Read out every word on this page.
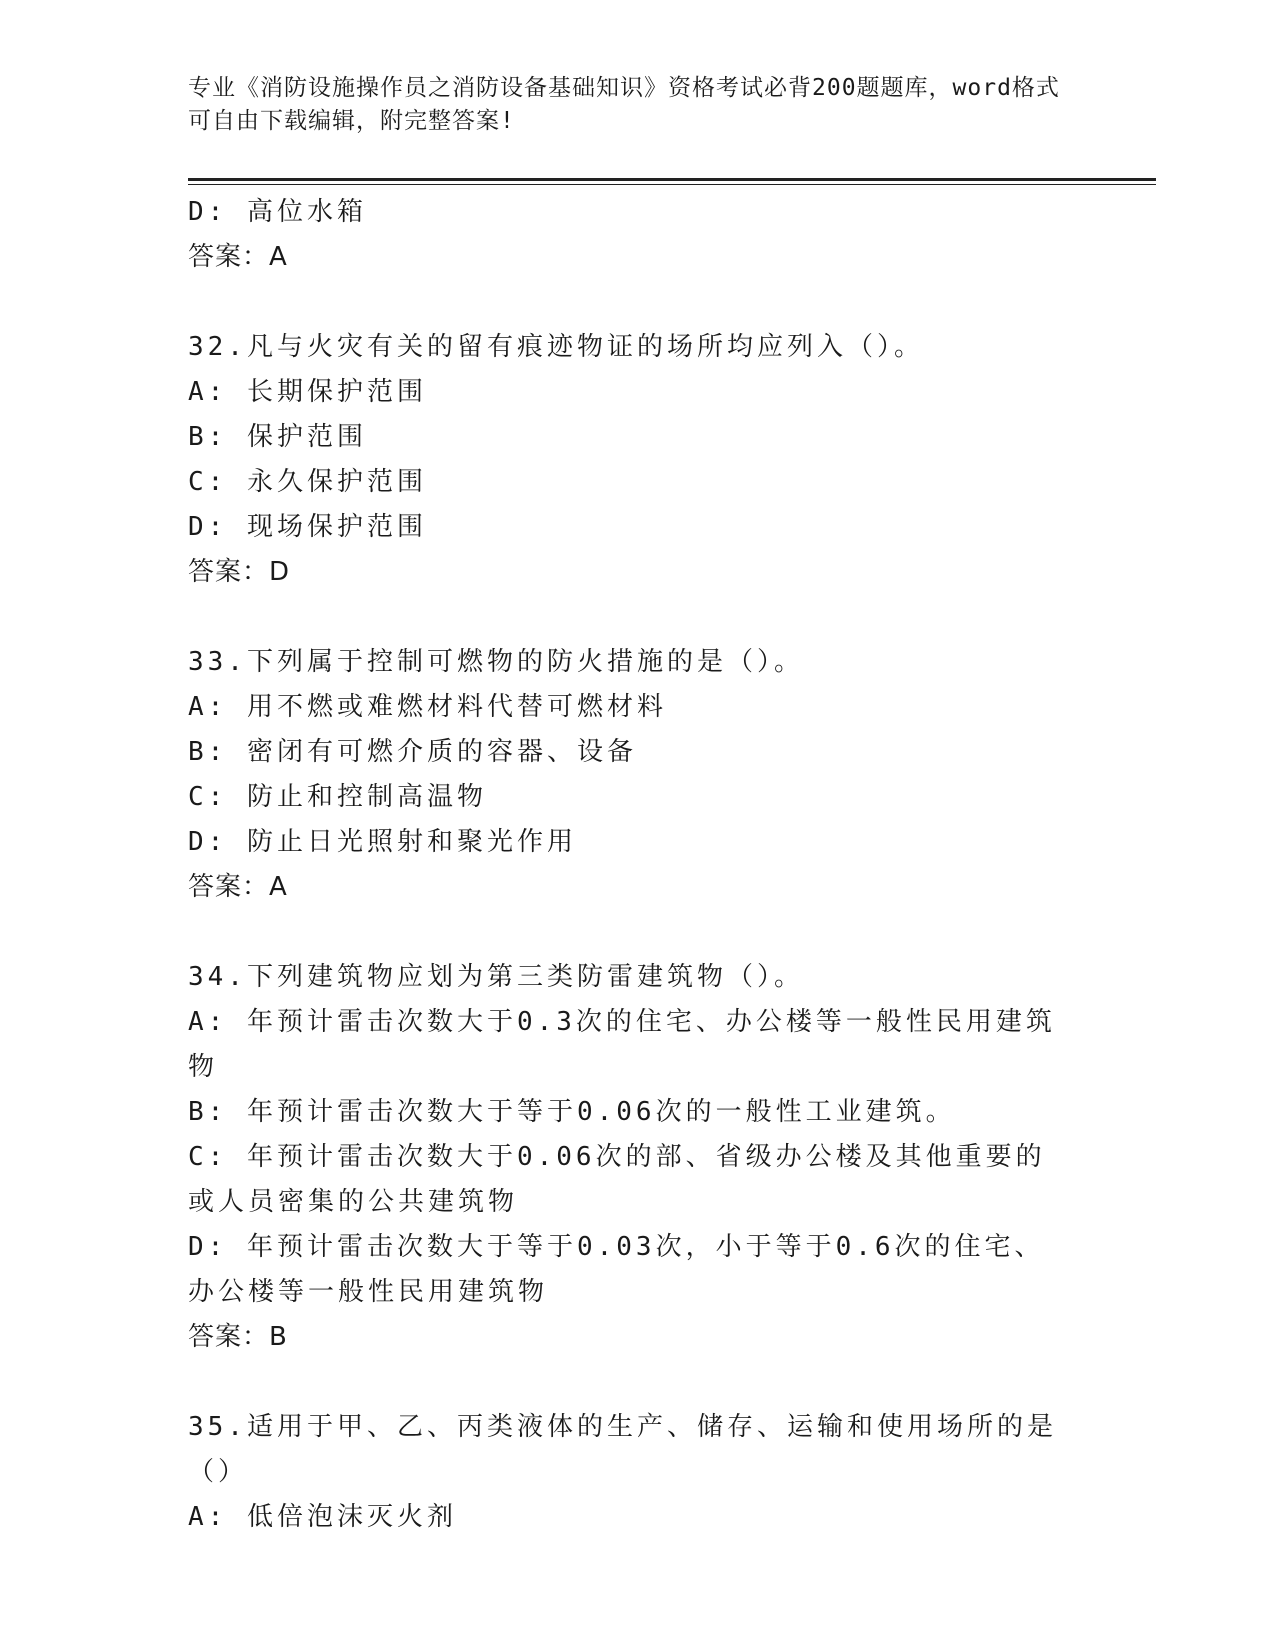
专业《消防设施操作员之消防设备基础知识》资格考试必背200题题库，word格式可自由下载编辑，附完整答案!
D: 高位水箱
答案：A
32.凡与火灾有关的留有痕迹物证的场所均应列入（）。
A: 长期保护范围
B: 保护范围
C: 永久保护范围
D: 现场保护范围
答案：D
33.下列属于控制可燃物的防火措施的是（）。
A: 用不燃或难燃材料代替可燃材料
B: 密闭有可燃介质的容器、设备
C: 防止和控制高温物
D: 防止日光照射和聚光作用
答案：A
34.下列建筑物应划为第三类防雷建筑物（）。
A: 年预计雷击次数大于0.3次的住宅、办公楼等一般性民用建筑物
B: 年预计雷击次数大于等于0.06次的一般性工业建筑。
C: 年预计雷击次数大于0.06次的部、省级办公楼及其他重要的或人员密集的公共建筑物
D: 年预计雷击次数大于等于0.03次，小于等于0.6次的住宅、办公楼等一般性民用建筑物
答案：B
35.适用于甲、乙、丙类液体的生产、储存、运输和使用场所的是（）
A: 低倍泡沫灭火剂
